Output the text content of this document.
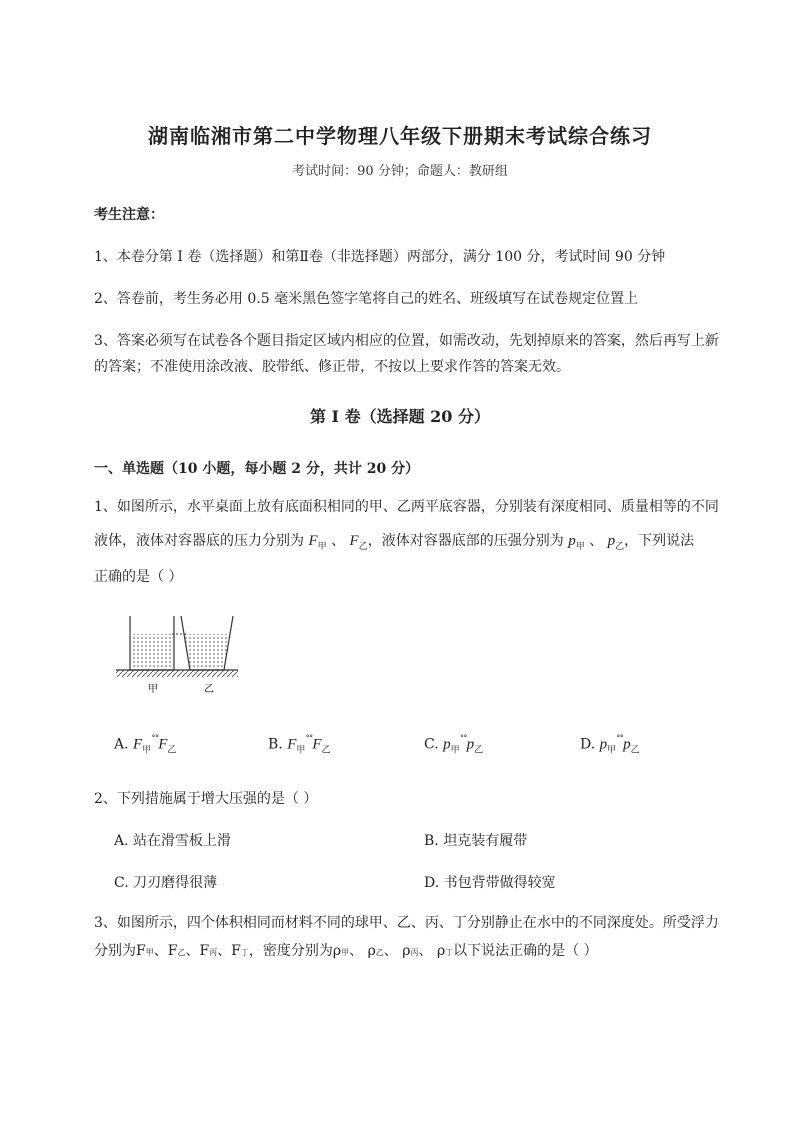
湖南临湘市第二中学物理八年级下册期末考试综合练习
考试时间：90 分钟；命题人：教研组
考生注意：
1、本卷分第 I 卷（选择题）和第Ⅱ卷（非选择题）两部分，满分 100 分，考试时间 90 分钟
2、答卷前，考生务必用 0.5 毫米黑色签字笔将自己的姓名、班级填写在试卷规定位置上
3、答案必须写在试卷各个题目指定区域内相应的位置，如需改动，先划掉原来的答案，然后再写上新
的答案；不准使用涂改液、胶带纸、修正带，不按以上要求作答的答案无效。
第 I 卷（选择题 20 分）
一、单选题（10 小题，每小题 2 分，共计 20 分）
1、如图所示，水平桌面上放有底面积相同的甲、乙两平底容器，分别装有深度相同、质量相等的不同
液体，液体对容器底的压力分别为 $F_甲$ 、 $F_乙$，液体对容器底部的压强分别为 $p_甲$ 、 $p_乙$，下列说法
正确的是（ ）
甲	乙
A. $F_甲^{˚˚}F_乙$	B. $F_甲^{˚˚}F_乙$	C. $p_甲^{˚˚}p_乙$	D. $p_甲^{˚˚}p_乙$
2、下列措施属于增大压强的是（ ）
A. 站在滑雪板上滑	B. 坦克装有履带
C. 刀刃磨得很薄	D. 书包背带做得较宽
3、如图所示，四个体积相同而材料不同的球甲、乙、丙、丁分别静止在水中的不同深度处。所受浮力
分别为F甲、F乙、F丙、F丁，密度分别为ρ甲、 ρ乙、 ρ丙、 ρ丁以下说法正确的是（ ）
